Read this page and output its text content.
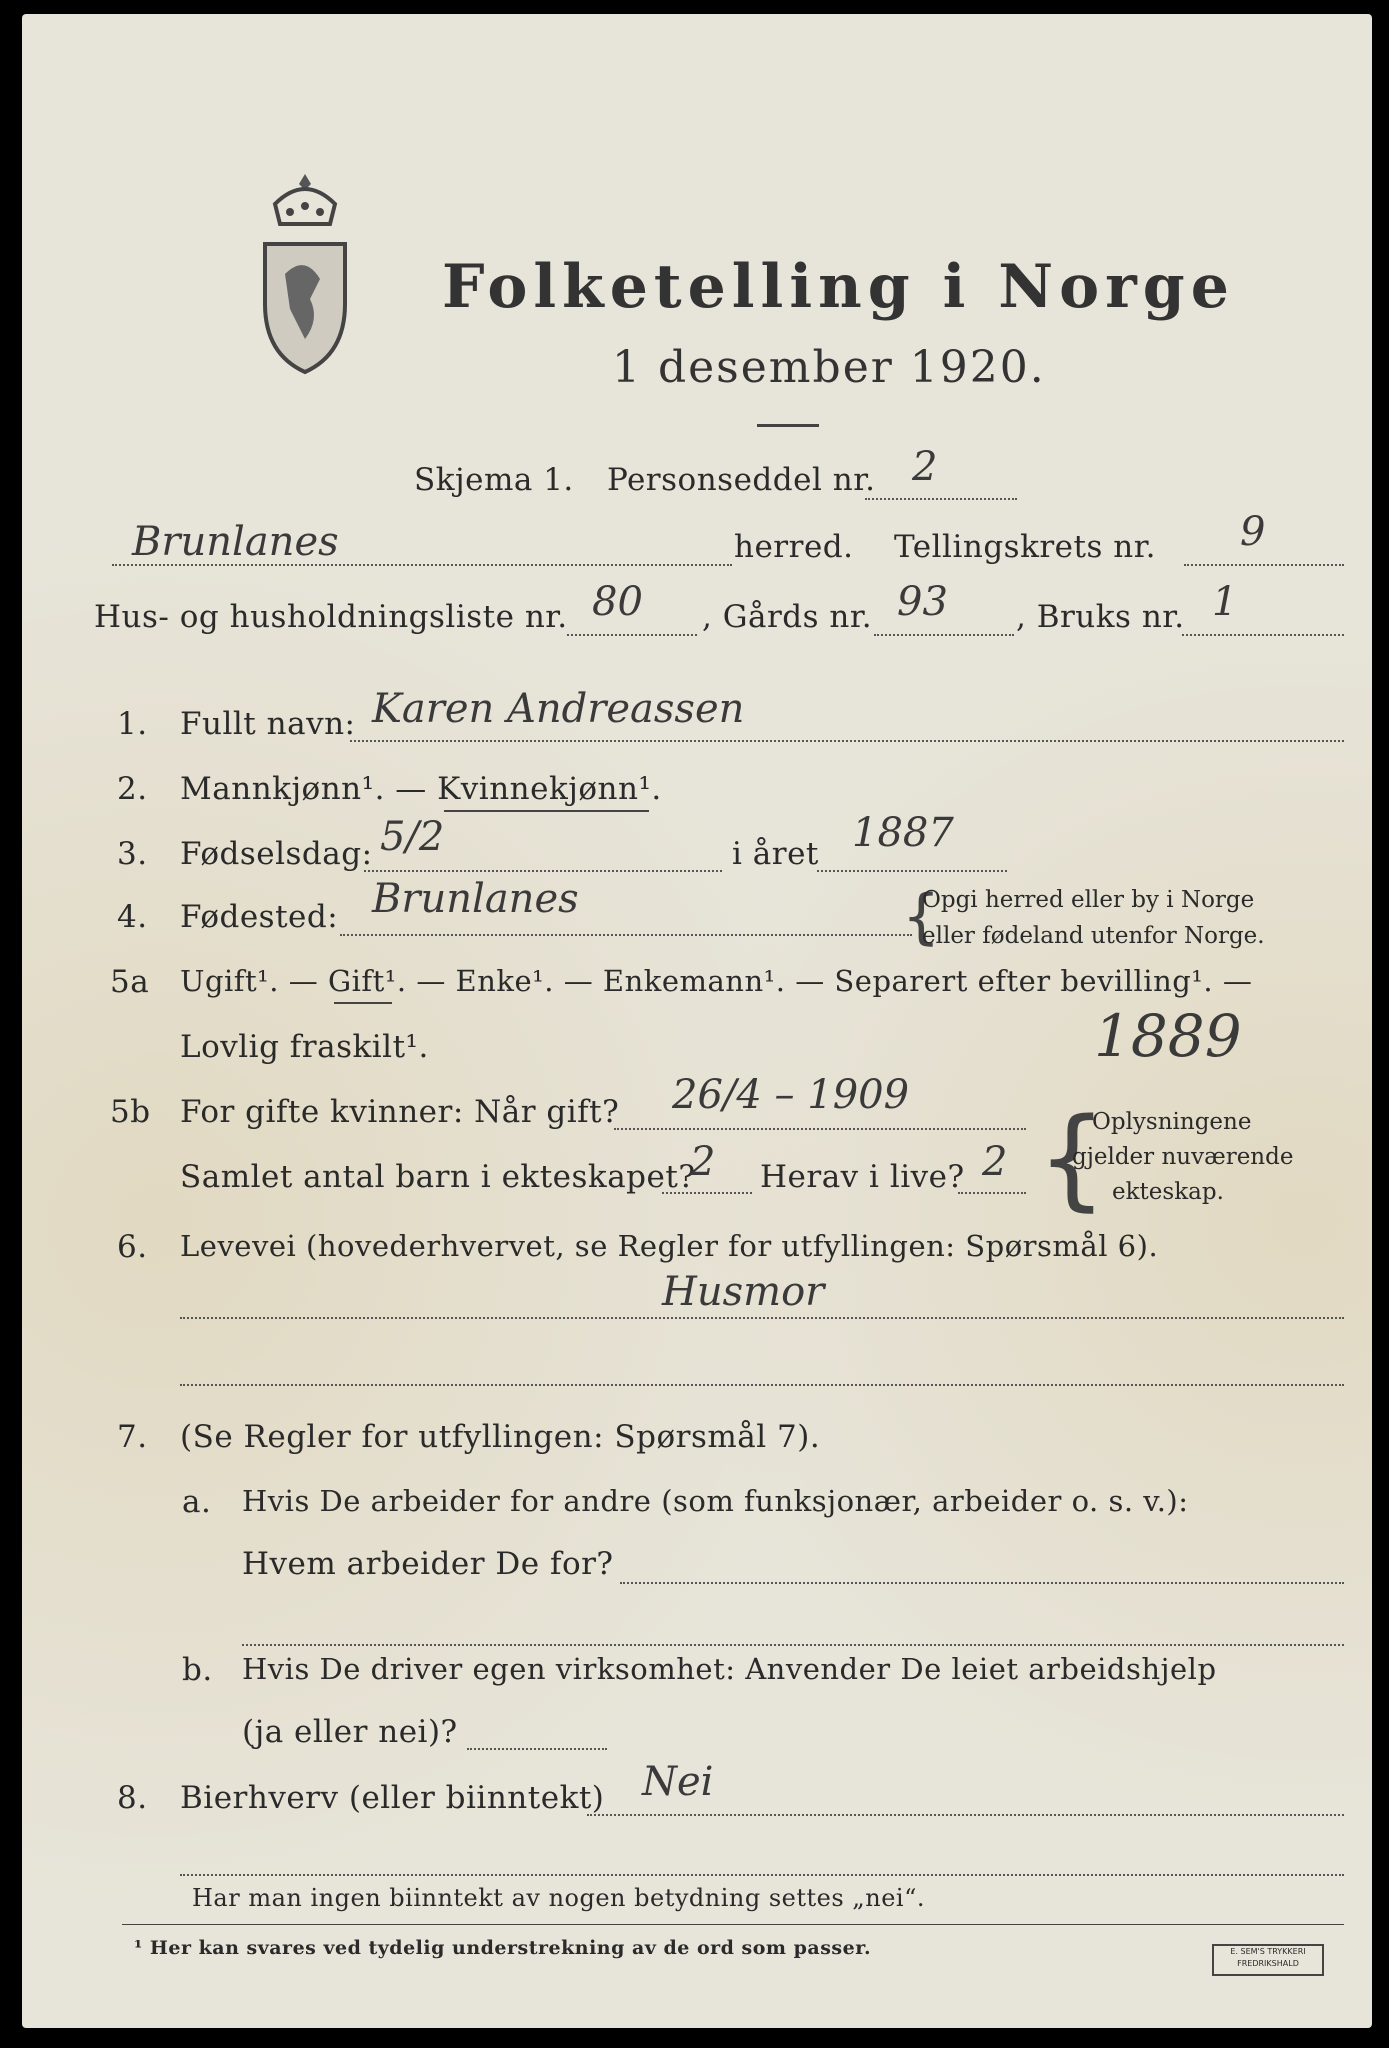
Folketelling i Norge
1 desember 1920.
Skjema 1. Personseddel nr. 2
Brunlanes	herred. Tellingskrets nr. 9
Hus- og husholdningsliste nr. 80 , Gårds nr. 93 , Bruks nr. 1
1. Fullt navn: Karen Andreassen
2. Mannkjønn¹. — Kvinnekjønn¹.
3. Fødselsdag: 5/2	i året 1887
4. Fødested: Brunlanes	{
Opgi herred eller by i Norge
eller fødeland utenfor Norge.
5a Ugift¹. — Gift¹. — Enke¹. — Enkemann¹. — Separert efter bevilling¹. —
Lovlig fraskilt¹.	1889
5b For gifte kvinner: Når gift? 26/4 – 1909
Samlet antal barn i ekteskapet?
2 Herav i live? 2 {
Oplysningene
gjelder nuværende
ekteskap.
6. Levevei (hovederhvervet, se Regler for utfyllingen: Spørsmål 6).
Husmor
7. (Se Regler for utfyllingen: Spørsmål 7).
a. Hvis De arbeider for andre (som funksjonær, arbeider o. s. v.):
Hvem arbeider De for?
b. Hvis De driver egen virksomhet: Anvender De leiet arbeidshjelp
(ja eller nei)?
8. Bierhverv (eller biinntekt) Nei
Har man ingen biinntekt av nogen betydning settes „nei“.
¹ Her kan svares ved tydelig understrekning av de ord som passer.	E. SEM'S TRYKKERI FREDRIKSHALD
